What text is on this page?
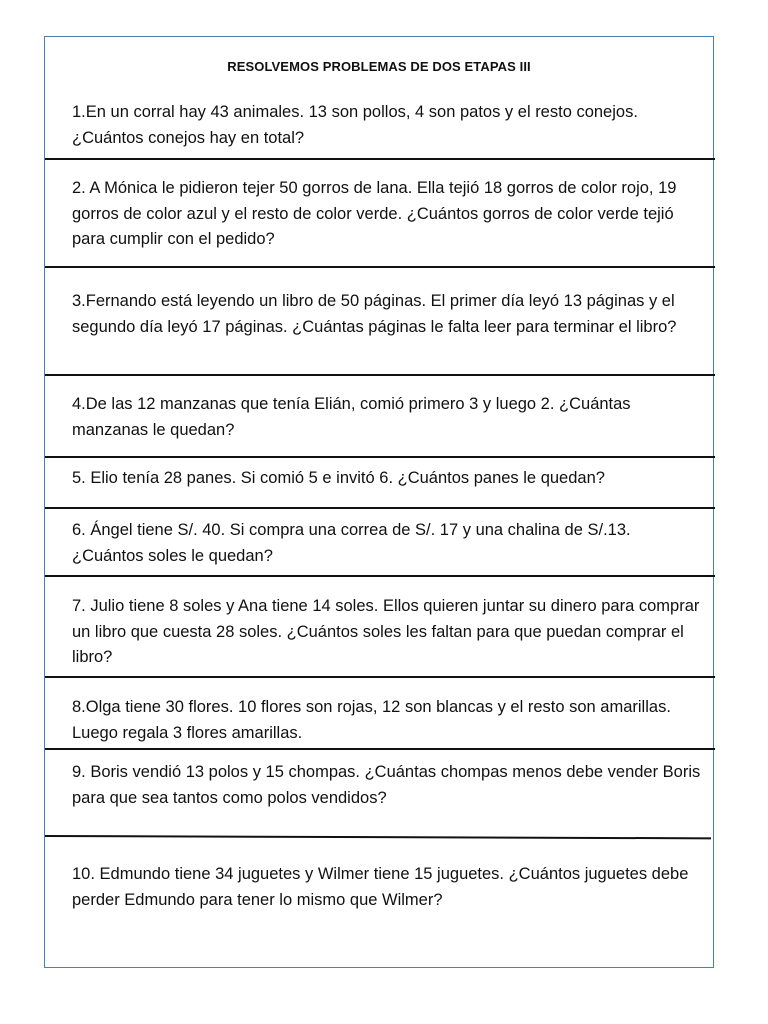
RESOLVEMOS PROBLEMAS DE DOS ETAPAS III
1.En un corral hay 43 animales. 13 son pollos, 4 son patos y el resto conejos. ¿Cuántos conejos hay en total?
2. A Mónica le pidieron tejer 50 gorros de lana. Ella tejió 18 gorros de color rojo, 19 gorros de color azul y el resto de color verde. ¿Cuántos gorros de color verde tejió para cumplir con el pedido?
3.Fernando está leyendo un libro de 50 páginas. El primer día leyó 13 páginas y el segundo día leyó 17 páginas. ¿Cuántas páginas le falta leer para terminar el libro?
4.De las 12 manzanas que tenía Elián, comió primero 3 y luego 2. ¿Cuántas manzanas le quedan?
5. Elio tenía 28 panes. Si comió 5 e invitó 6. ¿Cuántos panes le quedan?
6. Ángel tiene S/. 40. Si compra una correa de S/. 17 y una chalina de S/.13. ¿Cuántos soles le quedan?
7. Julio tiene 8 soles y Ana tiene 14 soles. Ellos quieren juntar su dinero para comprar un libro que cuesta 28 soles. ¿Cuántos soles les faltan para que puedan comprar el libro?
8.Olga tiene 30 flores. 10 flores son rojas, 12 son blancas y el resto son amarillas. Luego regala 3 flores amarillas.
9. Boris vendió 13 polos y 15 chompas. ¿Cuántas chompas menos debe vender Boris para que sea tantos como polos vendidos?
10. Edmundo tiene 34 juguetes y Wilmer tiene 15 juguetes. ¿Cuántos juguetes debe perder Edmundo para tener lo mismo que Wilmer?
